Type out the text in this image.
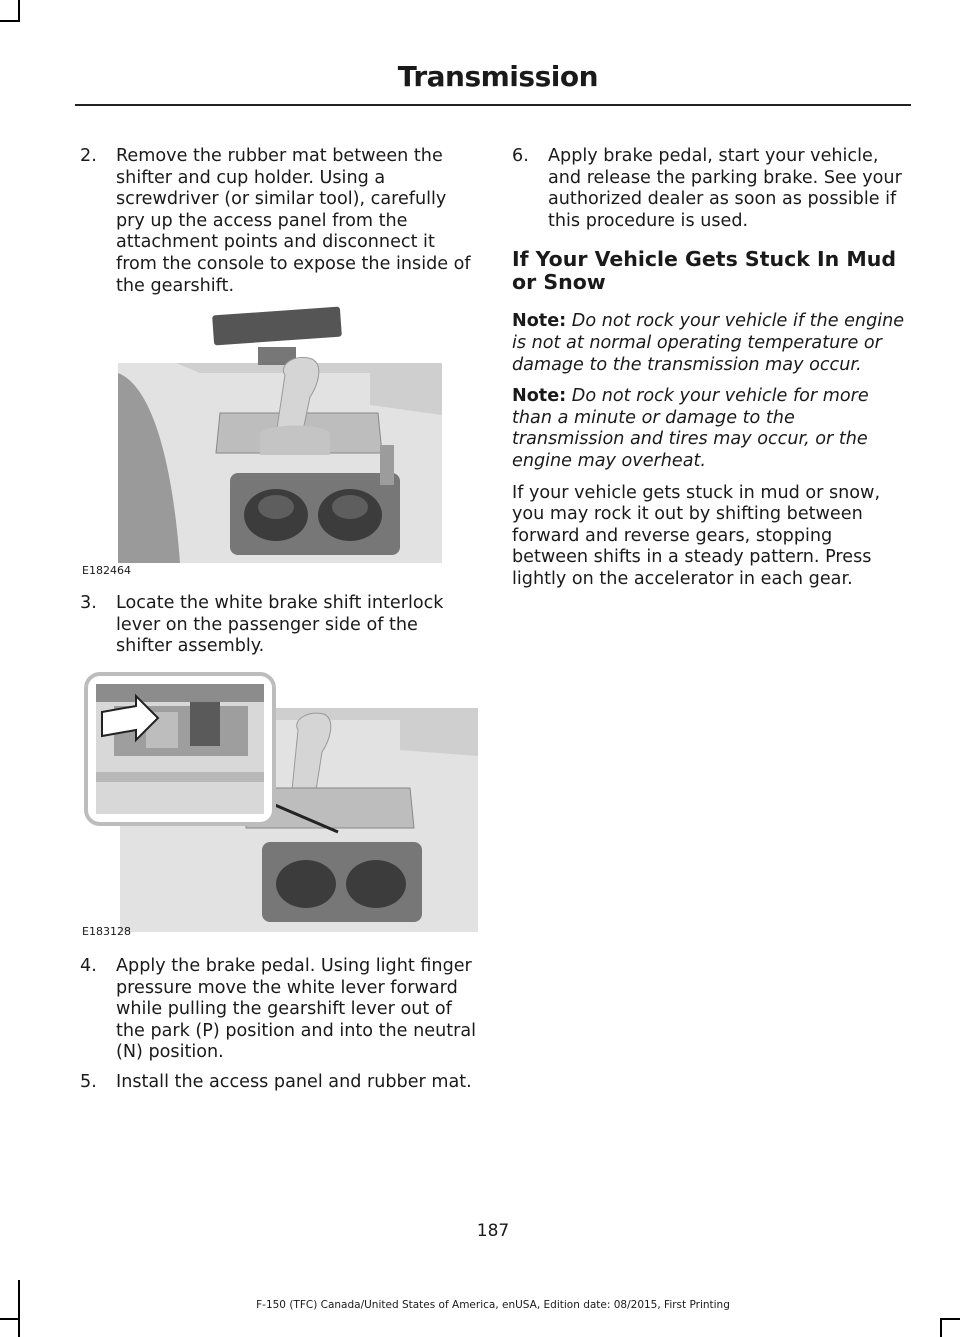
Transmission

2. Remove the rubber mat between the shifter and cup holder. Using a screwdriver (or similar tool), carefully pry up the access panel from the attachment points and disconnect it from the console to expose the inside of the gearshift.

E182464

3. Locate the white brake shift interlock lever on the passenger side of the shifter assembly.

E183128

4. Apply the brake pedal. Using light finger pressure move the white lever forward while pulling the gearshift lever out of the park (P) position and into the neutral (N) position.

5. Install the access panel and rubber mat.

6. Apply brake pedal, start your vehicle, and release the parking brake. See your authorized dealer as soon as possible if this procedure is used.

If Your Vehicle Gets Stuck In Mud or Snow

Note: Do not rock your vehicle if the engine is not at normal operating temperature or damage to the transmission may occur.

Note: Do not rock your vehicle for more than a minute or damage to the transmission and tires may occur, or the engine may overheat.

If your vehicle gets stuck in mud or snow, you may rock it out by shifting between forward and reverse gears, stopping between shifts in a steady pattern. Press lightly on the accelerator in each gear.

187
F-150 (TFC) Canada/United States of America, enUSA, Edition date: 08/2015, First Printing
